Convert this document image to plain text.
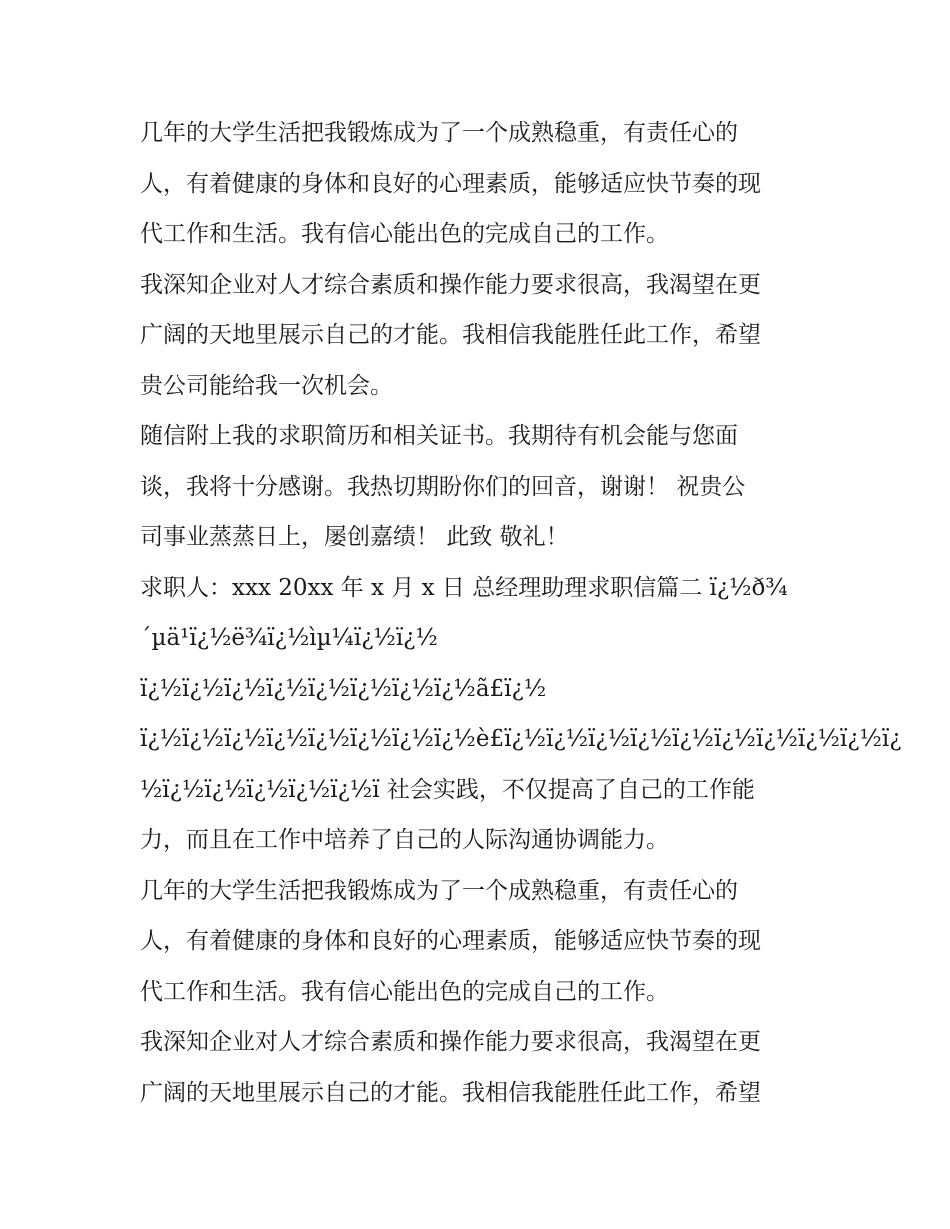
几年的大学生活把我锻炼成为了一个成熟稳重，有责任心的
人，有着健康的身体和良好的心理素质，能够适应快节奏的现
代工作和生活。我有信心能出色的完成自己的工作。

我深知企业对人才综合素质和操作能力要求很高，我渴望在更
广阔的天地里展示自己的才能。我相信我能胜任此工作，希望
贵公司能给我一次机会。

随信附上我的求职简历和相关证书。我期待有机会能与您面
谈，我将十分感谢。我热切期盼你们的回音，谢谢！ 祝贵公
司事业蒸蒸日上，屡创嘉绩！ 此致 敬礼！

求职人：xxx 20xx 年 x 月 x 日 总经理助理求职信篇二 ï¿½ð¾
´µä¹ï¿½ë¾ï¿½ìµ¼ï¿½ï¿½
ï¿½ï¿½ï¿½ï¿½ï¿½ï¿½ï¿½ï¿½ã£ï¿½
ï¿½ï¿½ï¿½ï¿½ï¿½ï¿½ï¿½ï¿½è£ï¿½ï¿½ï¿½ï¿½ï¿½ï¿½ï¿½ï¿½ï¿½ï¿
½ï¿½ï¿½ï¿½ï¿½ï¿½ï 社会实践，不仅提高了自己的工作能
力，而且在工作中培养了自己的人际沟通协调能力。

几年的大学生活把我锻炼成为了一个成熟稳重，有责任心的
人，有着健康的身体和良好的心理素质，能够适应快节奏的现
代工作和生活。我有信心能出色的完成自己的工作。

我深知企业对人才综合素质和操作能力要求很高，我渴望在更
广阔的天地里展示自己的才能。我相信我能胜任此工作，希望
